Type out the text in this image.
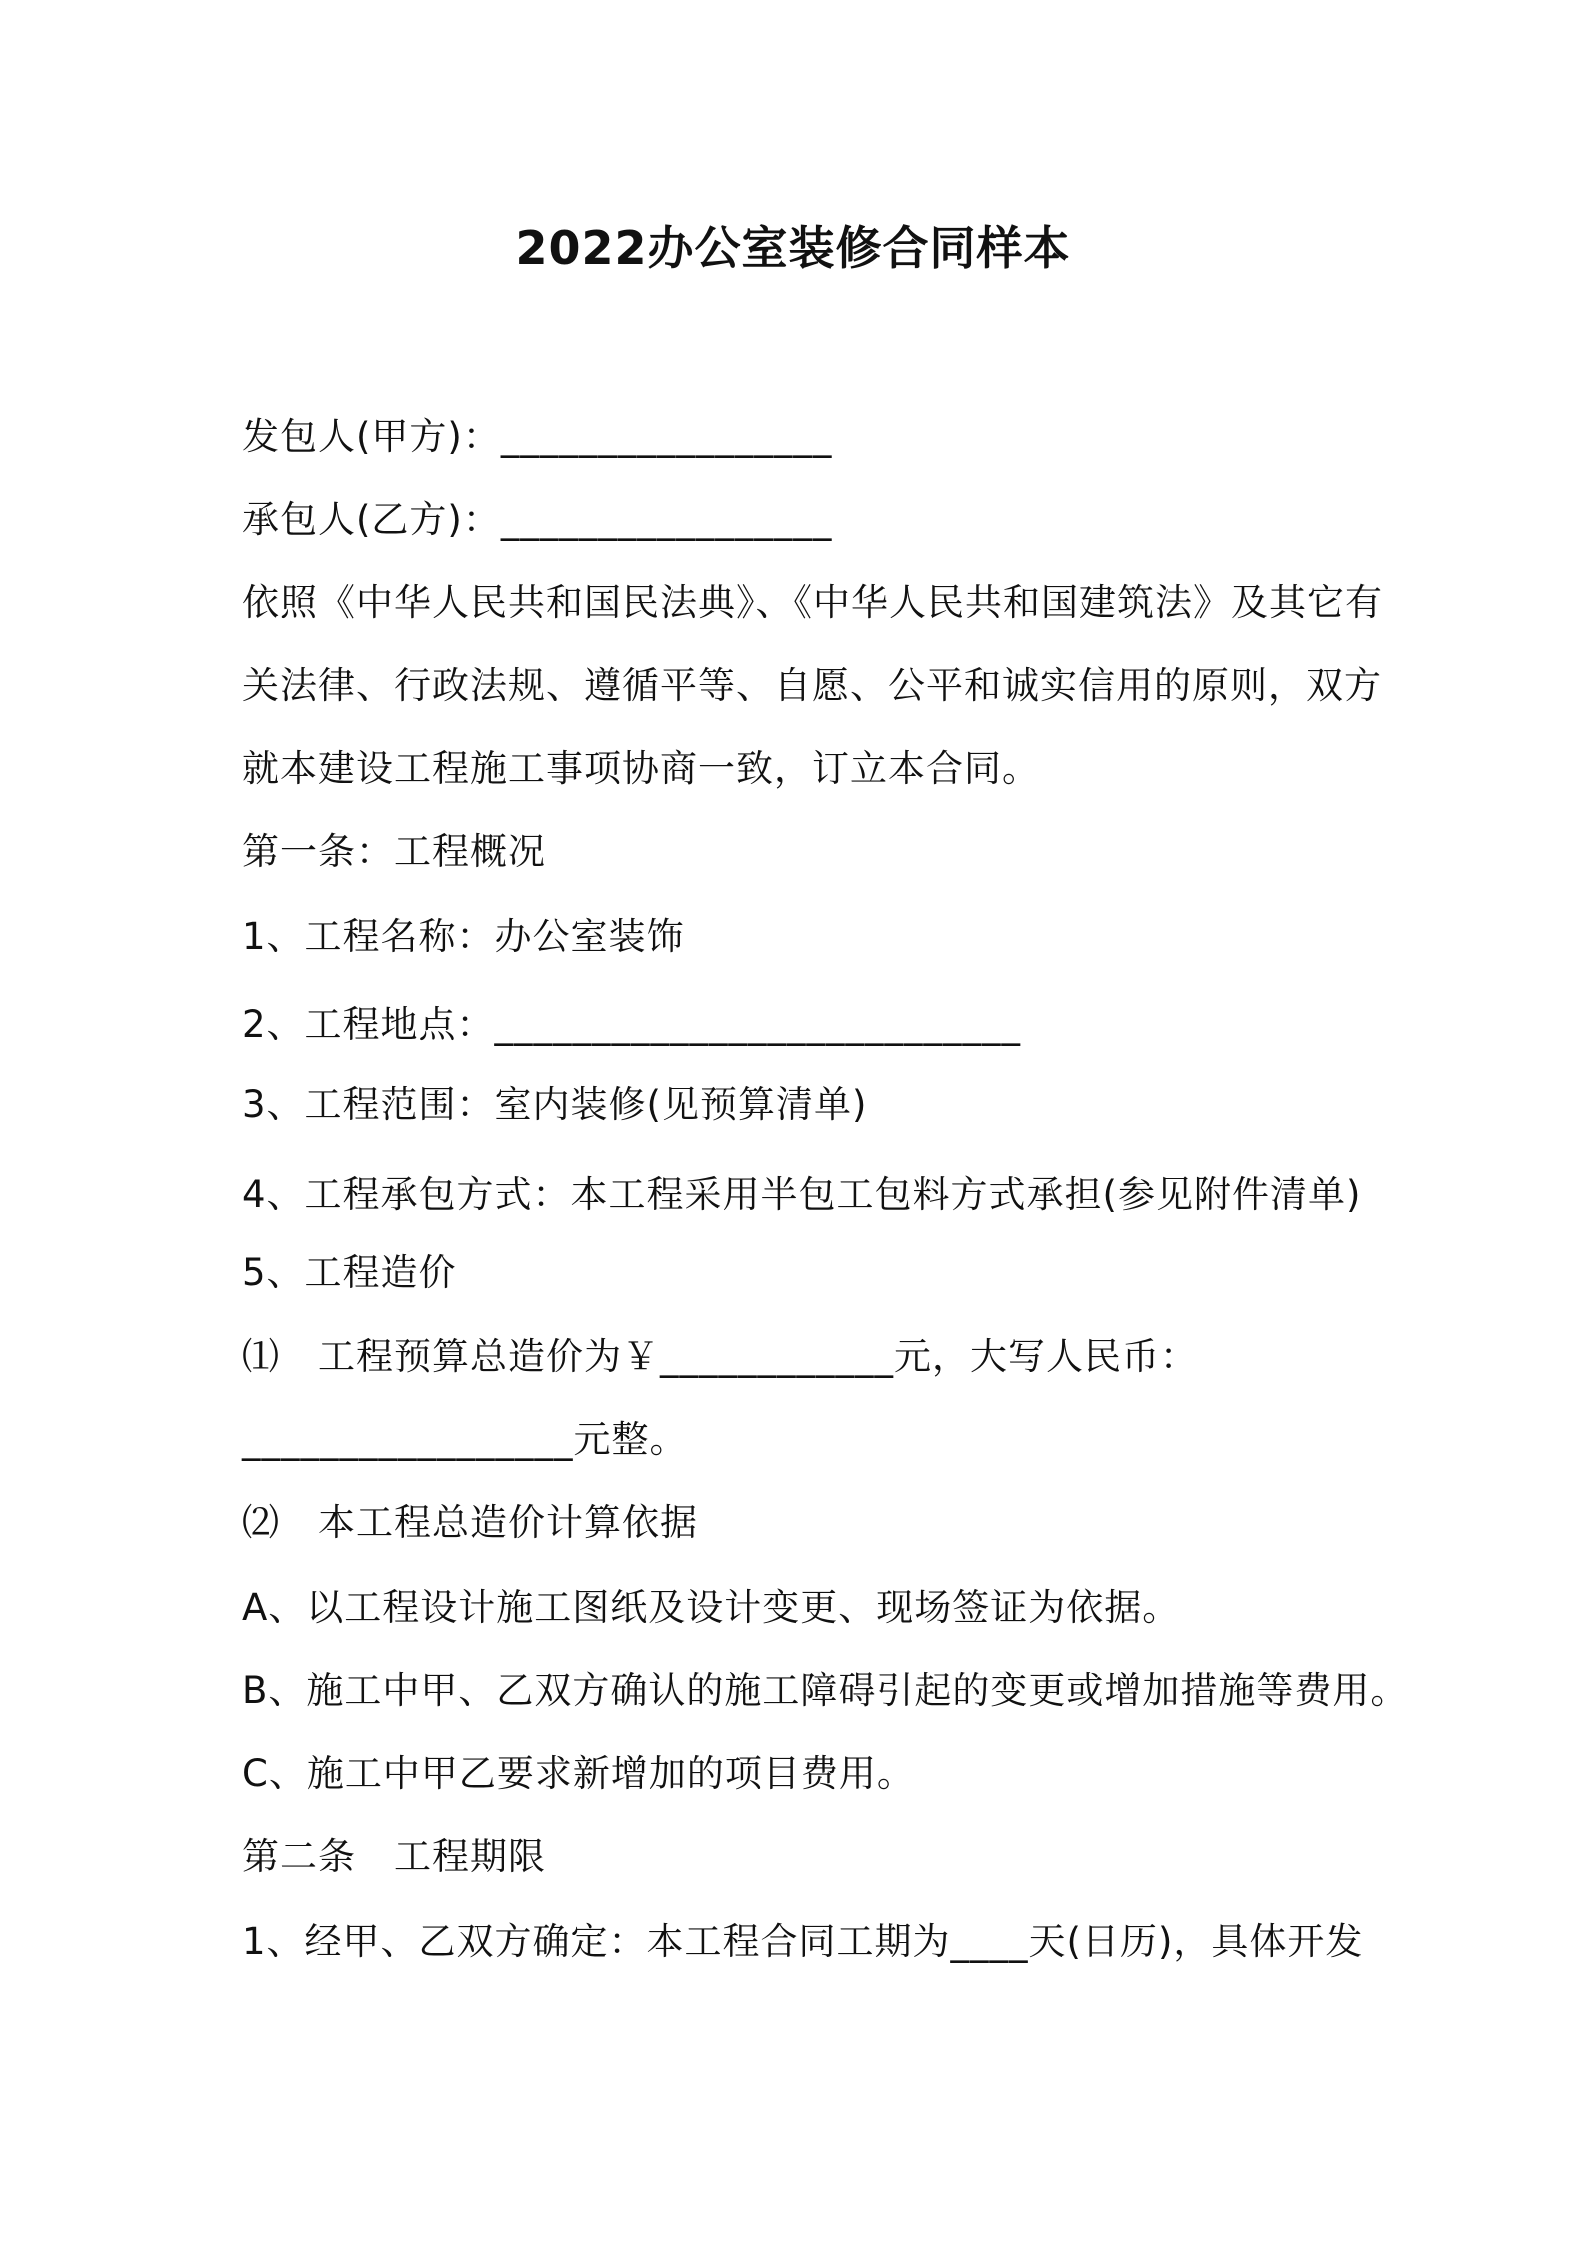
2022办公室装修合同样本
发包人(甲方)：_________________
承包人(乙方)：_________________
依照《中华人民共和国民法典》、《中华人民共和国建筑法》及其它有
关法律、行政法规、遵循平等、自愿、公平和诚实信用的原则，双方
就本建设工程施工事项协商一致，订立本合同。
第一条：工程概况
1、工程名称：办公室装饰
2、工程地点：___________________________
3、工程范围：室内装修(见预算清单)
4、工程承包方式：本工程采用半包工包料方式承担(参见附件清单)
5、工程造价
⑴　工程预算总造价为￥____________元，大写人民币：
_________________元整。
⑵　本工程总造价计算依据
A、以工程设计施工图纸及设计变更、现场签证为依据。
B、施工中甲、乙双方确认的施工障碍引起的变更或增加措施等费用。
C、施工中甲乙要求新增加的项目费用。
第二条　工程期限
1、经甲、乙双方确定：本工程合同工期为____天(日历)，具体开发
